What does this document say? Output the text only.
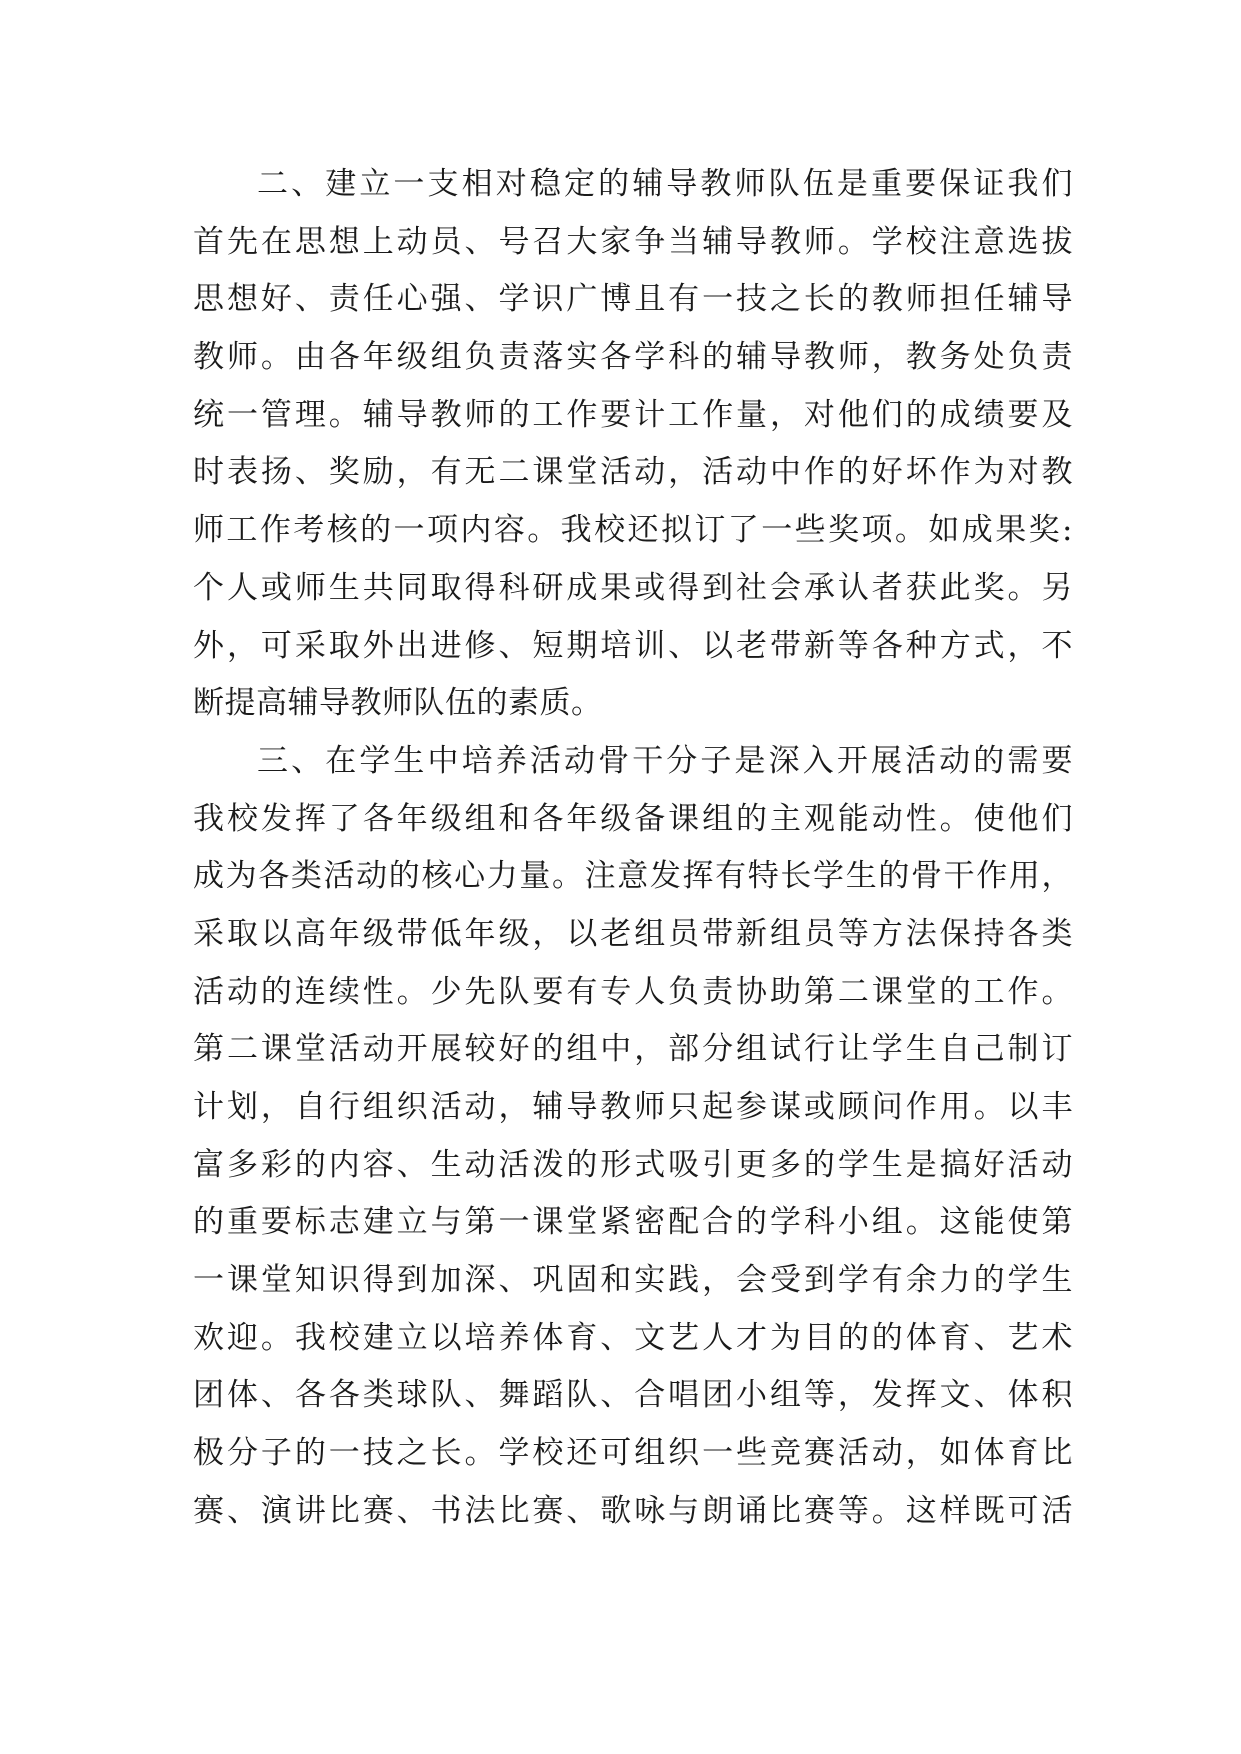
二、建立一支相对稳定的辅导教师队伍是重要保证我们
首先在思想上动员、号召大家争当辅导教师。学校注意选拔
思想好、责任心强、学识广博且有一技之长的教师担任辅导
教师。由各年级组负责落实各学科的辅导教师，教务处负责
统一管理。辅导教师的工作要计工作量，对他们的成绩要及
时表扬、奖励，有无二课堂活动，活动中作的好坏作为对教
师工作考核的一项内容。我校还拟订了一些奖项。如成果奖:
个人或师生共同取得科研成果或得到社会承认者获此奖。另
外，可采取外出进修、短期培训、以老带新等各种方式，不
断提高辅导教师队伍的素质。
三、在学生中培养活动骨干分子是深入开展活动的需要
我校发挥了各年级组和各年级备课组的主观能动性。使他们
成为各类活动的核心力量。注意发挥有特长学生的骨干作用，
采取以高年级带低年级，以老组员带新组员等方法保持各类
活动的连续性。少先队要有专人负责协助第二课堂的工作。
第二课堂活动开展较好的组中，部分组试行让学生自己制订
计划，自行组织活动，辅导教师只起参谋或顾问作用。以丰
富多彩的内容、生动活泼的形式吸引更多的学生是搞好活动
的重要标志建立与第一课堂紧密配合的学科小组。这能使第
一课堂知识得到加深、巩固和实践，会受到学有余力的学生
欢迎。我校建立以培养体育、文艺人才为目的的体育、艺术
团体、各各类球队、舞蹈队、合唱团小组等，发挥文、体积
极分子的一技之长。学校还可组织一些竞赛活动，如体育比
赛、演讲比赛、书法比赛、歌咏与朗诵比赛等。这样既可活
